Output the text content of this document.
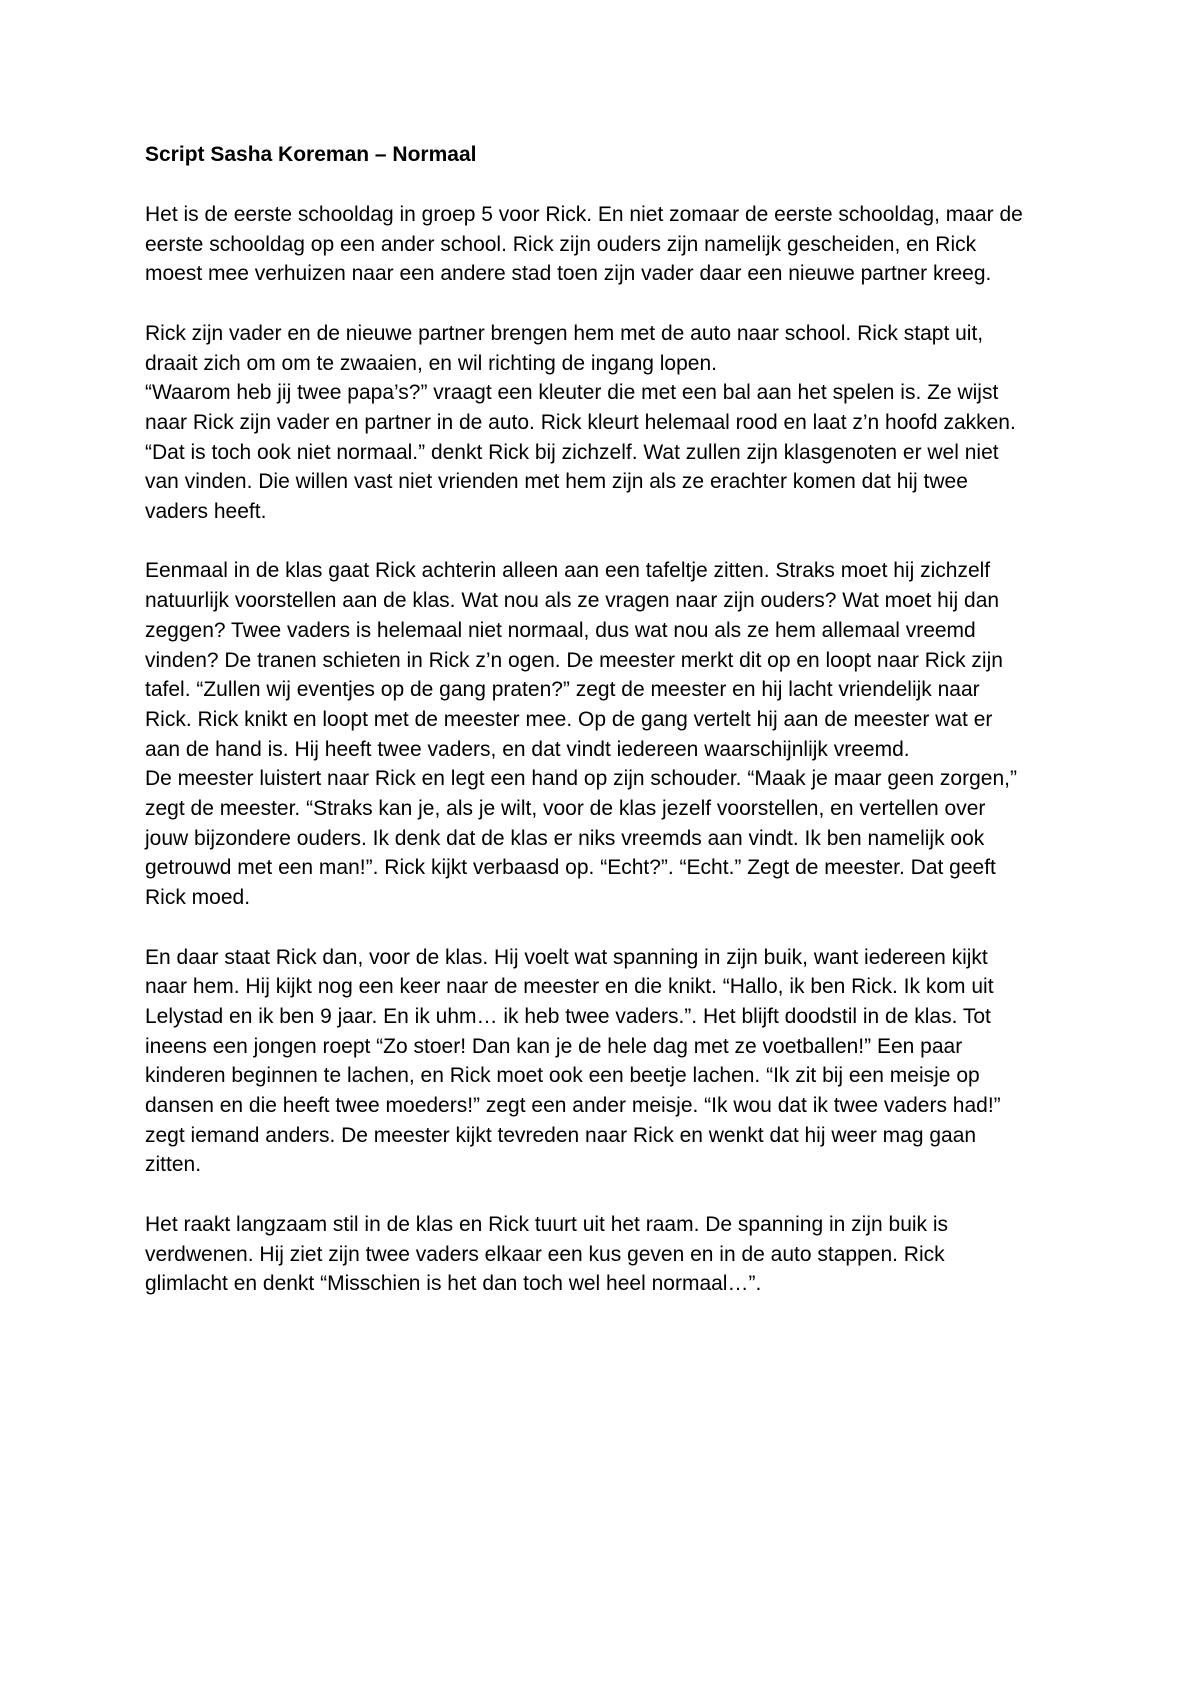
Script Sasha Koreman – Normaal
Het is de eerste schooldag in groep 5 voor Rick. En niet zomaar de eerste schooldag, maar de
eerste schooldag op een ander school. Rick zijn ouders zijn namelijk gescheiden, en Rick
moest mee verhuizen naar een andere stad toen zijn vader daar een nieuwe partner kreeg.
Rick zijn vader en de nieuwe partner brengen hem met de auto naar school. Rick stapt uit,
draait zich om om te zwaaien, en wil richting de ingang lopen.
“Waarom heb jij twee papa’s?” vraagt een kleuter die met een bal aan het spelen is. Ze wijst
naar Rick zijn vader en partner in de auto. Rick kleurt helemaal rood en laat z’n hoofd zakken.
“Dat is toch ook niet normaal.” denkt Rick bij zichzelf. Wat zullen zijn klasgenoten er wel niet
van vinden. Die willen vast niet vrienden met hem zijn als ze erachter komen dat hij twee
vaders heeft.
Eenmaal in de klas gaat Rick achterin alleen aan een tafeltje zitten. Straks moet hij zichzelf
natuurlijk voorstellen aan de klas. Wat nou als ze vragen naar zijn ouders? Wat moet hij dan
zeggen? Twee vaders is helemaal niet normaal, dus wat nou als ze hem allemaal vreemd
vinden? De tranen schieten in Rick z’n ogen. De meester merkt dit op en loopt naar Rick zijn
tafel. “Zullen wij eventjes op de gang praten?” zegt de meester en hij lacht vriendelijk naar
Rick. Rick knikt en loopt met de meester mee. Op de gang vertelt hij aan de meester wat er
aan de hand is. Hij heeft twee vaders, en dat vindt iedereen waarschijnlijk vreemd.
De meester luistert naar Rick en legt een hand op zijn schouder. “Maak je maar geen zorgen,”
zegt de meester. “Straks kan je, als je wilt, voor de klas jezelf voorstellen, en vertellen over
jouw bijzondere ouders. Ik denk dat de klas er niks vreemds aan vindt. Ik ben namelijk ook
getrouwd met een man!”. Rick kijkt verbaasd op. “Echt?”. “Echt.” Zegt de meester. Dat geeft
Rick moed.
En daar staat Rick dan, voor de klas. Hij voelt wat spanning in zijn buik, want iedereen kijkt
naar hem. Hij kijkt nog een keer naar de meester en die knikt. “Hallo, ik ben Rick. Ik kom uit
Lelystad en ik ben 9 jaar. En ik uhm… ik heb twee vaders.”. Het blijft doodstil in de klas. Tot
ineens een jongen roept “Zo stoer! Dan kan je de hele dag met ze voetballen!” Een paar
kinderen beginnen te lachen, en Rick moet ook een beetje lachen. “Ik zit bij een meisje op
dansen en die heeft twee moeders!” zegt een ander meisje. “Ik wou dat ik twee vaders had!”
zegt iemand anders. De meester kijkt tevreden naar Rick en wenkt dat hij weer mag gaan
zitten.
Het raakt langzaam stil in de klas en Rick tuurt uit het raam. De spanning in zijn buik is
verdwenen. Hij ziet zijn twee vaders elkaar een kus geven en in de auto stappen. Rick
glimlacht en denkt “Misschien is het dan toch wel heel normaal…”.
